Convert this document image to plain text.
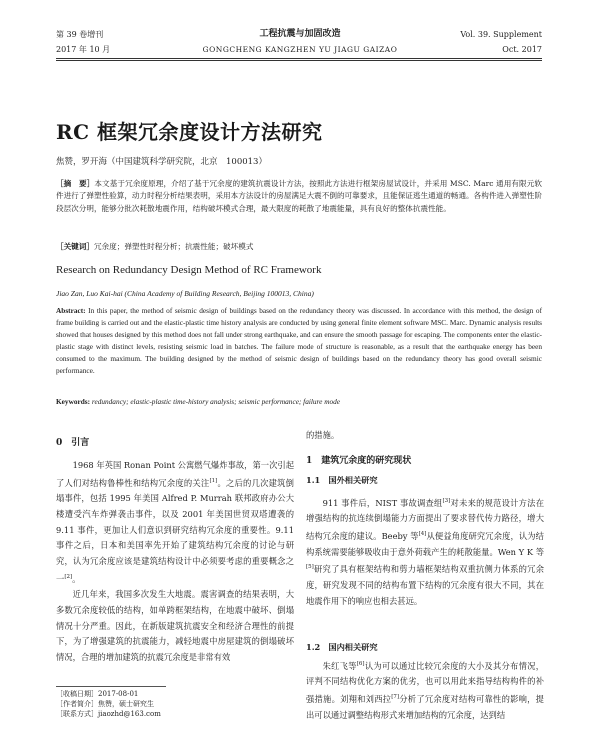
第 39 卷增刊
2017 年 10 月
工程抗震与加固改造
GONGCHENG KANGZHEN YU JIAGU GAIZAO
Vol. 39. Supplement
Oct. 2017
RC 框架冗余度设计方法研究
焦赞，罗开海（中国建筑科学研究院，北京　100013）
［摘　要］本文基于冗余度原理，介绍了基于冗余度的建筑抗震设计方法，按照此方法进行框架房屋试设计，并采用 MSC. Marc 通用有限元软件进行了弹塑性验算，动力时程分析结果表明，采用本方法设计的房屋满足大震不倒的可靠要求，且能保证逃生通道的畅通。各构件进入弹塑性阶段层次分明，能够分批次耗散地震作用，结构破坏模式合理，最大限度的耗散了地震能量，具有良好的整体抗震性能。
［关键词］冗余度；弹塑性时程分析；抗震性能；破坏模式
Research on Redundancy Design Method of RC Framework
Jiao Zan, Luo Kai-hai (China Academy of Building Research, Beijing 100013, China)
Abstract: In this paper, the method of seismic design of buildings based on the redundancy theory was discussed. In accordance with this method, the design of frame building is carried out and the elastic-plastic time history analysis are conducted by using general finite element software MSC. Marc. Dynamic analysis results showed that houses designed by this method does not fall under strong earthquake, and can ensure the smooth passage for escaping. The components enter the elastic-plastic stage with distinct levels, resisting seismic load in batches. The failure mode of structure is reasonable, as a result that the earthquake energy has been consumed to the maximum. The building designed by the method of seismic design of buildings based on the redundancy theory has good overall seismic performance.
Keywords: redundancy; elastic-plastic time-history analysis; seismic performance; failure mode
0　引言

1968 年英国 Ronan Point 公寓燃气爆炸事故，第一次引起了人们对结构鲁棒性和结构冗余度的关注[1]。之后的几次建筑倒塌事件，包括 1995 年美国 Alfred P. Murrah 联邦政府办公大楼遭受汽车炸弹袭击事件，以及 2001 年美国世贸双塔遭袭的 9.11 事件，更加让人们意识到研究结构冗余度的重要性。9.11 事件之后，日本和美国率先开始了建筑结构冗余度的讨论与研究，认为冗余度应该是建筑结构设计中必须要考虑的重要概念之一[2]。

近几年来，我国多次发生大地震。震害调查的结果表明，大多数冗余度较低的结构，如单跨框架结构，在地震中破坏、倒塌情况十分严重。因此，在新版建筑抗震安全和经济合理性的前提下，为了增强建筑的抗震能力，减轻地震中房屋建筑的倒塌破坏情况，合理的增加建筑的抗震冗余度是非常有效

［收稿日期］2017-08-01
［作者简介］焦赞，硕士研究生
［联系方式］jiaozhd@163.com

的措施。

1　建筑冗余度的研究现状
1.1　国外相关研究

911 事件后，NIST 事故调查组[3]对未来的规范设计方法在增强结构的抗连续倒塌能力方面提出了要求替代传力路径，增大结构冗余度的建议。Beeby 等[4]从便益角度研究冗余度，认为结构系统需要能够吸收由于意外荷载产生的耗散能量。Wen Y K 等[5]研究了具有框架结构和剪力墙框架结构双重抗侧力体系的冗余度，研究发现不同的结构布置下结构的冗余度有很大不同，其在地震作用下的响应也相去甚远。

1.2　国内相关研究

朱红飞等[6]认为可以通过比较冗余度的大小及其分布情况，评判不同结构优化方案的优劣，也可以用此来指导结构构件的补强措施。刘翔和刘西拉[7]分析了冗余度对结构可靠性的影响，提出可以通过调整结构形式来增加结构的冗余度，达到结
